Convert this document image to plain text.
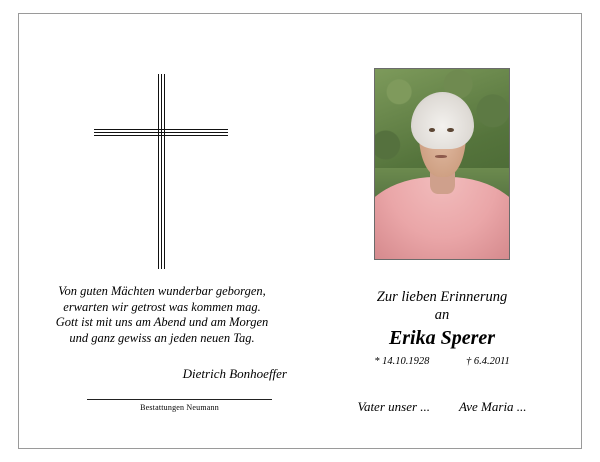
Von guten Mächten wunderbar geborgen,
erwarten wir getrost was kommen mag.
Gott ist mit uns am Abend und am Morgen
und ganz gewiss an jeden neuen Tag.
Dietrich Bonhoeffer
Bestattungen Neumann
Zur lieben Erinnerung
an
Erika Sperer
* 14.10.1928	† 6.4.2011
Vater unser ... Ave Maria ...
